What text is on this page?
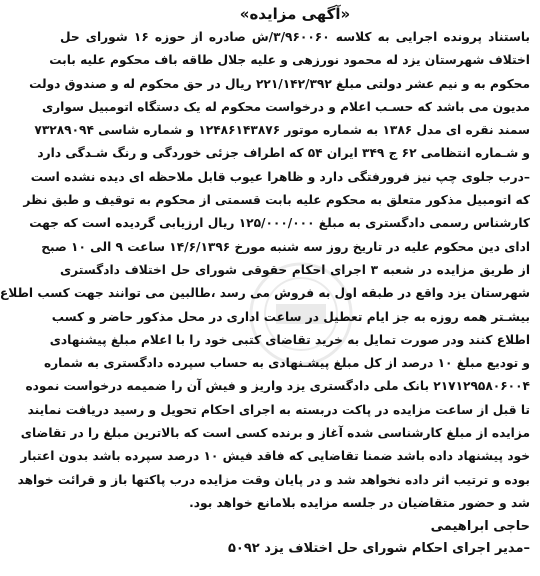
«آگهی مزایده»
باستناد پرونده اجرایی به کلاسه ۳/۹۶۰۰۶۰/ش صادره از حوزه ۱۶ شورای حل
اختلاف شهرستان یزد له محمود نورزهی و علیه جلال طاقه باف محکوم علیه بابت
محکوم به و نیم عشر دولتی مبلغ ۲۲۱/۱۴۲/۳۹۲ ریال در حق محکوم له و صندوق دولت
مدیون می باشد که حسـب اعلام و درخواست محکوم له یک دستگاه اتومبیل سواری
سمند نقره ای مدل ۱۳۸۶ به شماره موتور ۱۲۴۸۶۱۴۳۸۷۶ و شماره شاسی ۷۳۲۸۹۰۹۴
و شـماره انتظامی ۶۲ ج ۳۴۹ ایران ۵۴ که اطراف جزئی خوردگی و رنگ شـدگی دارد
–درب جلوی چپ نیز فرورفتگی دارد و ظاهرا عیوب قابل ملاحظه ای دیده نشده است
که اتومبیل مذکور متعلق به محکوم علیه بابت قسمتی از محکوم به توقیف و طبق نظر
کارشناس رسمی دادگستری به مبلغ ۱۲۵/۰۰۰/۰۰۰ ریال ارزیابی گردیده است که جهت
ادای دین محکوم علیه در تاریخ روز سه شنبه مورخ ۱۴/۶/۱۳۹۶ ساعت ۹ الی ۱۰ صبح
از طریق مزایده در شعبه ۳ اجرای احکام حقوقی شورای حل اختلاف دادگستری
شهرستان یزد واقع در طبقه اول به فروش می رسد ،طالبین می توانند جهت کسب اطلاع
بیشـتر همه روزه به جز ایام تعطیل در ساعت اداری در محل مذکور حاضر و کسب
اطلاع کنند ودر صورت تمایل به خرید تقاضای کتبی خود را با اعلام مبلغ پیشنهادی
و تودیع مبلغ ۱۰ درصد از کل مبلغ پیشـنهادی به حساب سپرده دادگستری به شماره
۲۱۷۱۲۹۵۸۰۶۰۰۴ بانک ملی دادگستری یزد واریز و فیش آن را ضمیمه درخواست نموده
تا قبل از ساعت مزایده در پاکت دربسته به اجرای احکام تحویل و رسید دریافت نمایند
مزایده از مبلغ کارشناسی شده آغاز و برنده کسی است که بالاترین مبلغ را در تقاضای
خود پیشنهاد داده باشد ضمنا تقاضایی که فاقد فیش ۱۰ درصد سپرده باشد بدون اعتبار
بوده و ترتیب اثر داده نخواهد شد و در پایان وقت مزایده درب پاکتها باز و قرائت خواهد
شد و حضور متقاضیان در جلسه مزایده بلامانع خواهد بود.
حاجی ابراهیمی
–مدیر اجرای احکام شورای حل اختلاف یزد ۵۰۹۲
